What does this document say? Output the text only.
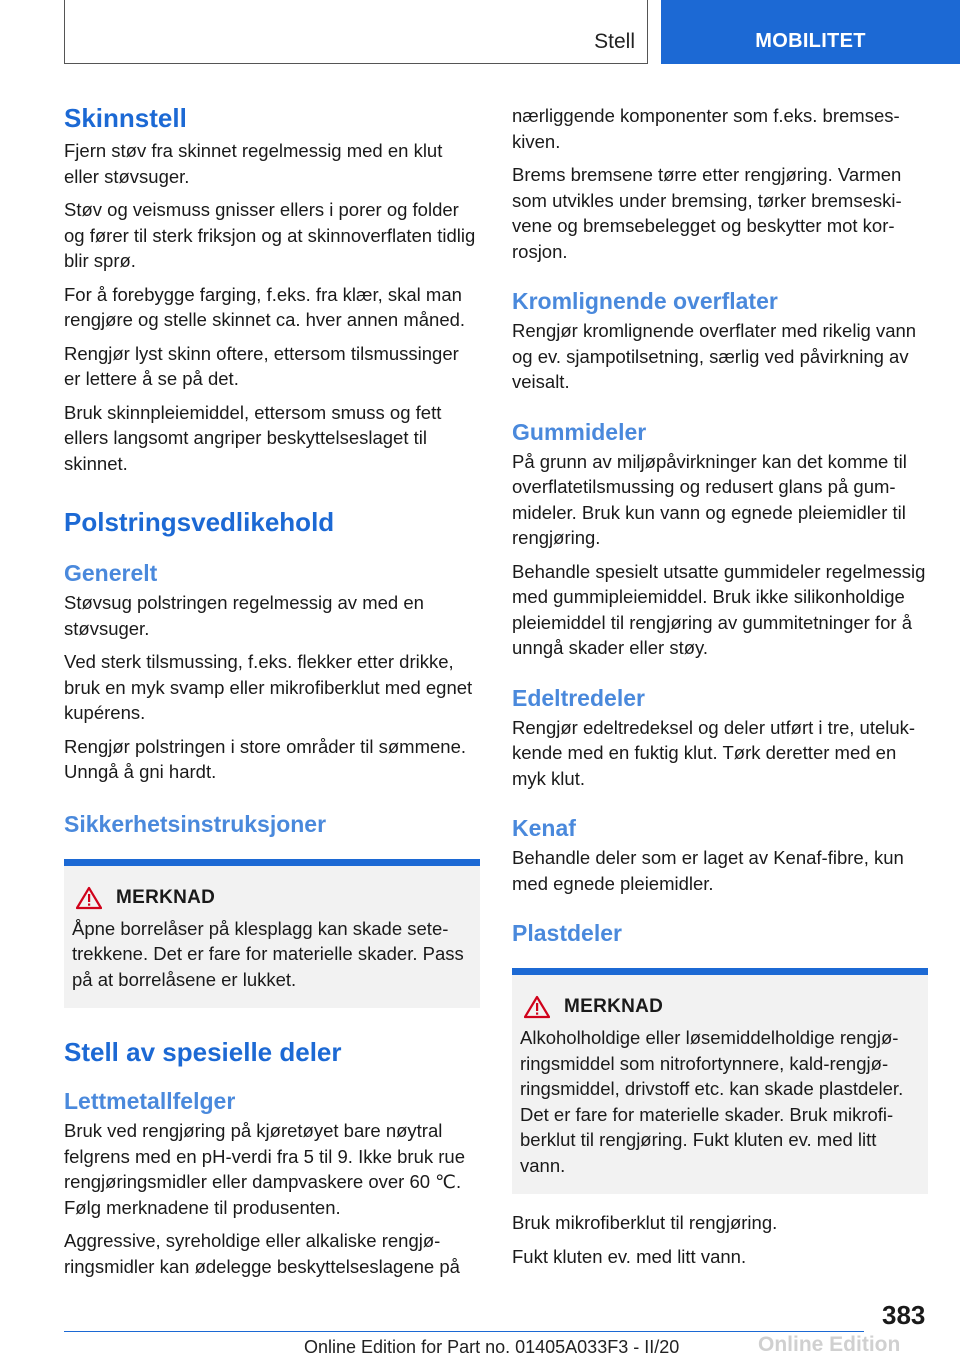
Stell	MOBILITET
Skinnstell

Fjern støv fra skinnet regelmessig med en klut eller støvsuger.

Støv og veismuss gnisser ellers i porer og folder og fører til sterk friksjon og at skinnoverflaten tidlig blir sprø.

For å forebygge farging, f.eks. fra klær, skal man rengjøre og stelle skinnet ca. hver annen måned.

Rengjør lyst skinn oftere, ettersom tilsmussinger er lettere å se på det.

Bruk skinnpleiemiddel, ettersom smuss og fett ellers langsomt angriper beskyttelseslaget til skinnet.

Polstringsvedlikehold
Generelt

Støvsug polstringen regelmessig av med en støvsuger.

Ved sterk tilsmussing, f.eks. flekker etter drikke, bruk en myk svamp eller mikrofiberklut med egnet kupérens.

Rengjør polstringen i store områder til sømmene. Unngå å gni hardt.

Sikkerhetsinstruksjoner
MERKNAD

Åpne borrelåser på klesplagg kan skade setetrekkene. Det er fare for materielle skader. Pass på at borrelåsene er lukket.

Stell av spesielle deler
Lettmetallfelger

Bruk ved rengjøring på kjøretøyet bare nøytral felgrens med en pH-verdi fra 5 til 9. Ikke bruk rue rengjøringsmidler eller dampvaskere over 60 ℃. Følg merknadene til produsenten.

Aggressive, syreholdige eller alkaliske rengjøringsmidler kan ødelegge beskyttelseslagene på

nærliggende komponenter som f.eks. bremseskiven.

Brems bremsene tørre etter rengjøring. Varmen som utvikles under bremsing, tørker bremseskivene og bremsebelegget og beskytter mot korrosjon.

Kromlignende overflater

Rengjør kromlignende overflater med rikelig vann og ev. sjampotilsetning, særlig ved påvirkning av veisalt.

Gummideler

På grunn av miljøpåvirkninger kan det komme til overflatetilsmussing og redusert glans på gummideler. Bruk kun vann og egnede pleiemidler til rengjøring.

Behandle spesielt utsatte gummideler regelmessig med gummipleiemiddel. Bruk ikke silikonholdige pleiemiddel til rengjøring av gummitetninger for å unngå skader eller støy.

Edeltredeler

Rengjør edeltredeksel og deler utført i tre, utelukkende med en fuktig klut. Tørk deretter med en myk klut.

Kenaf

Behandle deler som er laget av Kenaf-fibre, kun med egnede pleiemidler.

Plastdeler
MERKNAD

Alkoholholdige eller løsemiddelholdige rengjøringsmiddel som nitrofortynnere, kald-rengjøringsmiddel, drivstoff etc. kan skade plastdeler. Det er fare for materielle skader. Bruk mikrofiberklut til rengjøring. Fukt kluten ev. med litt vann.

Bruk mikrofiberklut til rengjøring.

Fukt kluten ev. med litt vann.

383
Online Edition for Part no. 01405A033F3 - II/20	Online Edition
